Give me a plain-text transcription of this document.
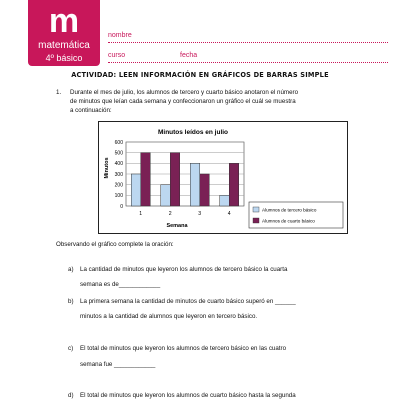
m
matemática
4º básico
nombre
curso	fecha
ACTIVIDAD: LEEN INFORMACIÓN EN GRÁFICOS DE BARRAS SIMPLE
1. Durante el mes de julio, los alumnos de tercero y cuarto básico anotaron el número
de minutos que leían cada semana y confeccionaron un gráfico el cuál se muestra
a continuación:
Minutos leídos en julio
Minutos
Semana
0
100
200
300
400
500
600
1	2	3	4
Alumnos de tercero básico
Alumnos de cuarto básico
Observando el gráfico complete la oración:
a) La cantidad de minutos que leyeron los alumnos de tercero básico la cuarta
semana es de____________
b) La primera semana la cantidad de minutos de cuarto básico superó en ______
minutos a la cantidad de alumnos que leyeron en tercero básico.
c) El total de minutos que leyeron los alumnos de tercero básico en las cuatro
semana fue ____________
d) El total de minutos que leyeron los alumnos de cuarto básico hasta la segunda
